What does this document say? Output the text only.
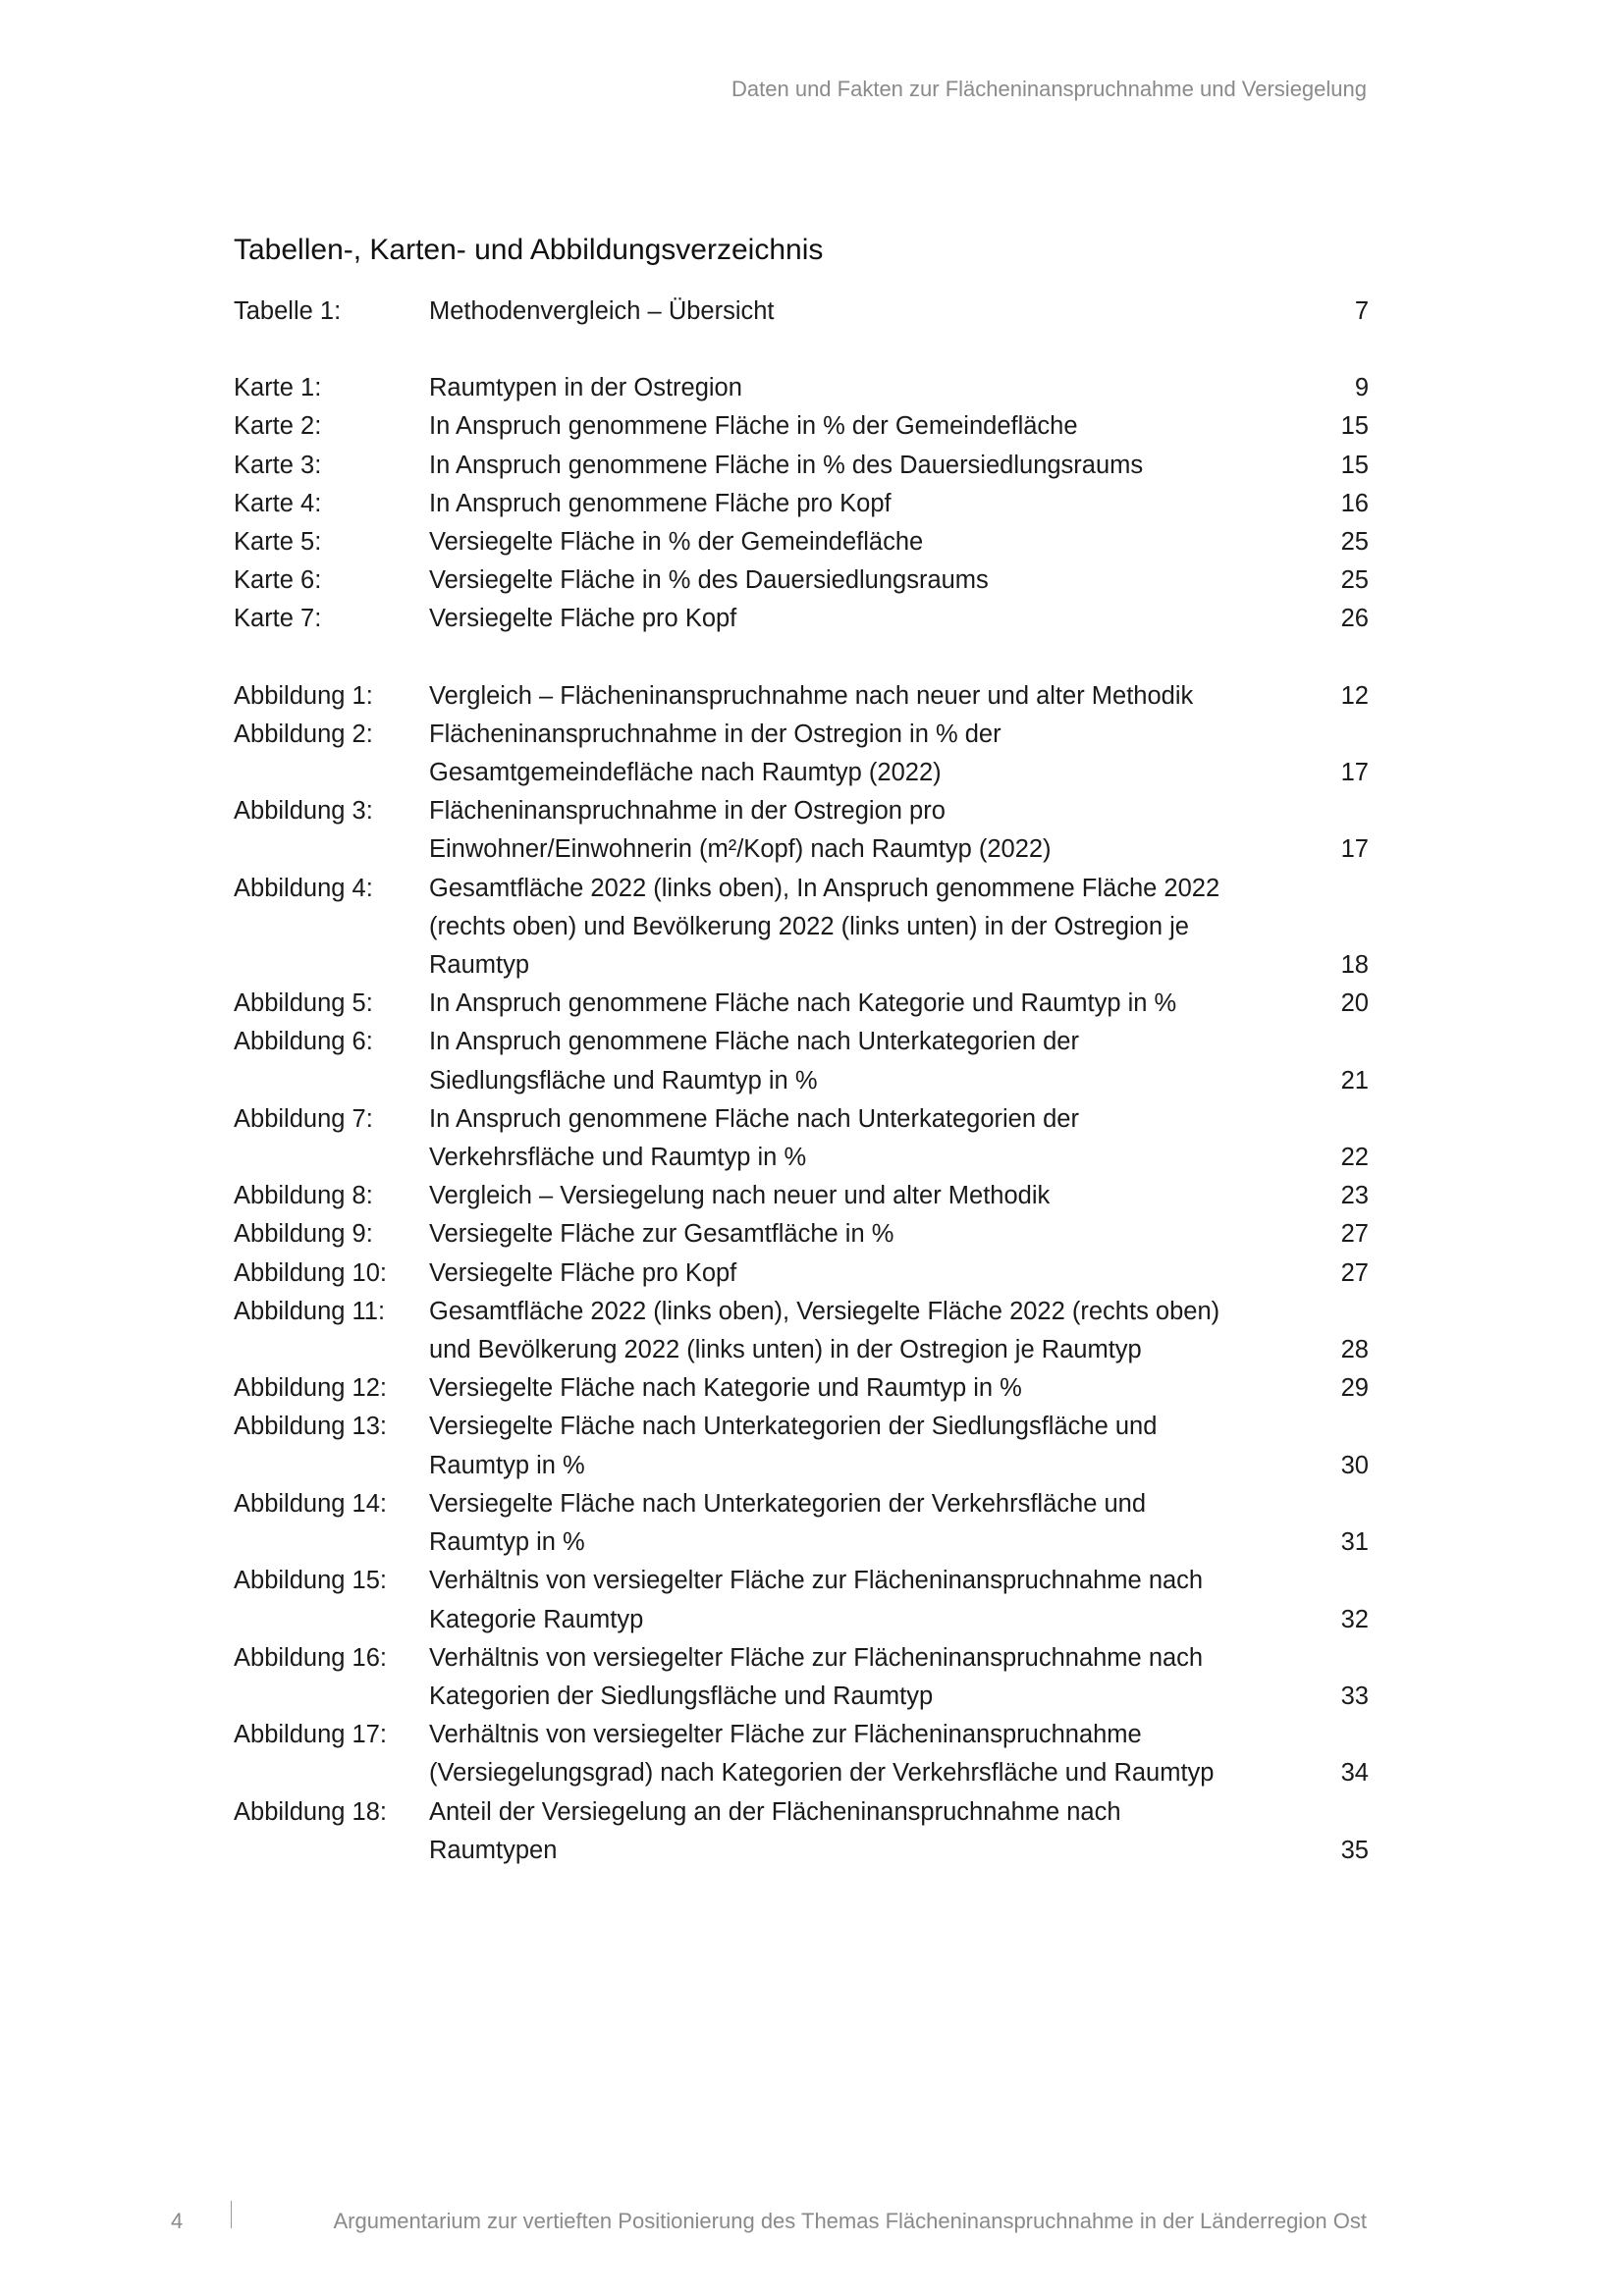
Daten und Fakten zur Flächeninanspruchnahme und Versiegelung
Tabellen-, Karten- und Abbildungsverzeichnis
Tabelle 1:	Methodenvergleich – Übersicht	7
Karte 1:	Raumtypen in der Ostregion	9
Karte 2:	In Anspruch genommene Fläche in % der Gemeindefläche	15
Karte 3:	In Anspruch genommene Fläche in % des Dauersiedlungsraums	15
Karte 4:	In Anspruch genommene Fläche pro Kopf	16
Karte 5:	Versiegelte Fläche in % der Gemeindefläche	25
Karte 6:	Versiegelte Fläche in % des Dauersiedlungsraums	25
Karte 7:	Versiegelte Fläche pro Kopf	26
Abbildung 1:	Vergleich – Flächeninanspruchnahme nach neuer und alter Methodik	12
Abbildung 2:	Flächeninanspruchnahme in der Ostregion in % der
Gesamtgemeindefläche nach Raumtyp (2022)	17
Abbildung 3:	Flächeninanspruchnahme in der Ostregion pro
Einwohner/Einwohnerin (m²/Kopf) nach Raumtyp (2022)	17
Abbildung 4:	Gesamtfläche 2022 (links oben), In Anspruch genommene Fläche 2022
(rechts oben) und Bevölkerung 2022 (links unten) in der Ostregion je
Raumtyp	18
Abbildung 5:	In Anspruch genommene Fläche nach Kategorie und Raumtyp in %	20
Abbildung 6:	In Anspruch genommene Fläche nach Unterkategorien der
Siedlungsfläche und Raumtyp in %	21
Abbildung 7:	In Anspruch genommene Fläche nach Unterkategorien der
Verkehrsfläche und Raumtyp in %	22
Abbildung 8:	Vergleich – Versiegelung nach neuer und alter Methodik	23
Abbildung 9:	Versiegelte Fläche zur Gesamtfläche in %	27
Abbildung 10:	Versiegelte Fläche pro Kopf	27
Abbildung 11:	Gesamtfläche 2022 (links oben), Versiegelte Fläche 2022 (rechts oben)
und Bevölkerung 2022 (links unten) in der Ostregion je Raumtyp	28
Abbildung 12:	Versiegelte Fläche nach Kategorie und Raumtyp in %	29
Abbildung 13:	Versiegelte Fläche nach Unterkategorien der Siedlungsfläche und
Raumtyp in %	30
Abbildung 14:	Versiegelte Fläche nach Unterkategorien der Verkehrsfläche und
Raumtyp in %	31
Abbildung 15:	Verhältnis von versiegelter Fläche zur Flächeninanspruchnahme nach
Kategorie Raumtyp	32
Abbildung 16:	Verhältnis von versiegelter Fläche zur Flächeninanspruchnahme nach
Kategorien der Siedlungsfläche und Raumtyp	33
Abbildung 17:	Verhältnis von versiegelter Fläche zur Flächeninanspruchnahme
(Versiegelungsgrad) nach Kategorien der Verkehrsfläche und Raumtyp	34
Abbildung 18:	Anteil der Versiegelung an der Flächeninanspruchnahme nach
Raumtypen	35
4	Argumentarium zur vertieften Positionierung des Themas Flächeninanspruchnahme in der Länderregion Ost
